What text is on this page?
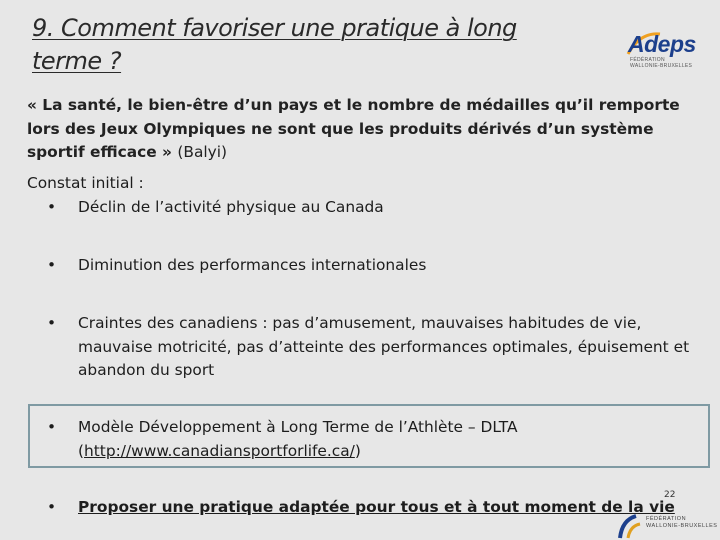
9. Comment favoriser une pratique à long
terme ?
Adeps
FÉDÉRATION
WALLONIE-BRUXELLES
« La santé, le bien-être d’un pays et le nombre de médailles qu’il remporte lors des Jeux Olympiques ne sont que les produits dérivés d’un système sportif efficace » (Balyi)
Constat initial :
• Déclin de l’activité physique au Canada
• Diminution des performances internationales
• Craintes des canadiens : pas d’amusement, mauvaises habitudes de vie, mauvaise motricité, pas d’atteinte des performances optimales, épuisement et abandon du sport
• Modèle Développement à Long Terme de l’Athlète – DLTA
(http://www.canadiansportforlife.ca/)
• Proposer une pratique adaptée pour tous et à tout moment de la vie
22
FÉDÉRATION
WALLONIE-BRUXELLES
